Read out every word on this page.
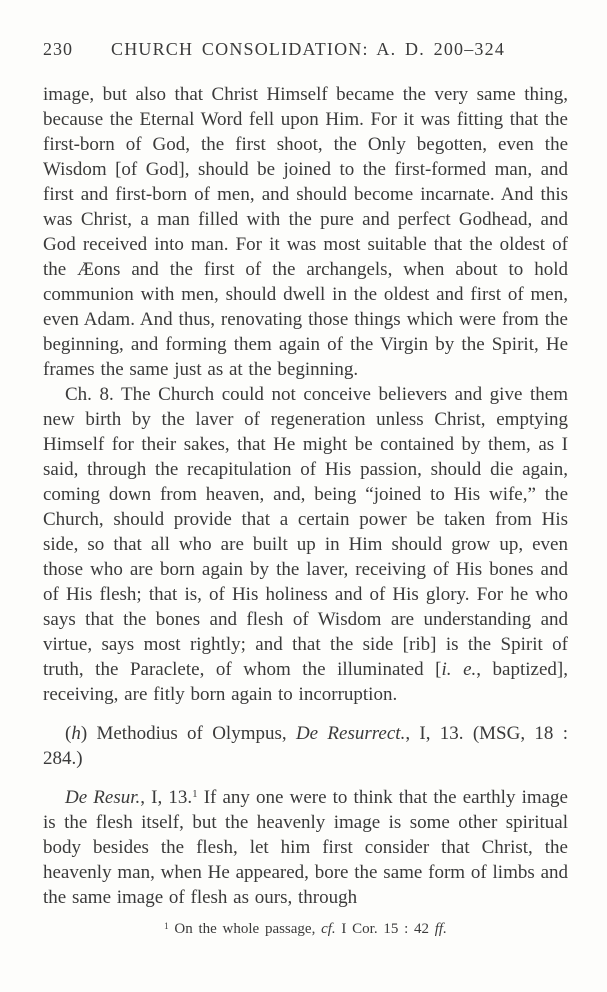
230 CHURCH CONSOLIDATION: A. D. 200–324

image, but also that Christ Himself became the very same thing, because the Eternal Word fell upon Him. For it was fitting that the first-born of God, the first shoot, the Only begotten, even the Wisdom [of God], should be joined to the first-formed man, and first and first-born of men, and should become incarnate. And this was Christ, a man filled with the pure and perfect Godhead, and God received into man. For it was most suitable that the oldest of the Æons and the first of the archangels, when about to hold communion with men, should dwell in the oldest and first of men, even Adam. And thus, renovating those things which were from the beginning, and forming them again of the Virgin by the Spirit, He frames the same just as at the beginning.

Ch. 8. The Church could not conceive believers and give them new birth by the laver of regeneration unless Christ, emptying Himself for their sakes, that He might be contained by them, as I said, through the recapitulation of His passion, should die again, coming down from heaven, and, being “joined to His wife,” the Church, should provide that a certain power be taken from His side, so that all who are built up in Him should grow up, even those who are born again by the laver, receiving of His bones and of His flesh; that is, of His holiness and of His glory. For he who says that the bones and flesh of Wisdom are understanding and virtue, says most rightly; and that the side [rib] is the Spirit of truth, the Paraclete, of whom the illuminated [i. e., baptized], receiving, are fitly born again to incorruption.

(h) Methodius of Olympus, De Resurrect., I, 13. (MSG, 18 : 284.)

De Resur., I, 13.$^1$ If any one were to think that the earthly image is the flesh itself, but the heavenly image is some other spiritual body besides the flesh, let him first consider that Christ, the heavenly man, when He appeared, bore the same form of limbs and the same image of flesh as ours, through

$^1$ On the whole passage, cf. I Cor. 15 : 42 ff.
